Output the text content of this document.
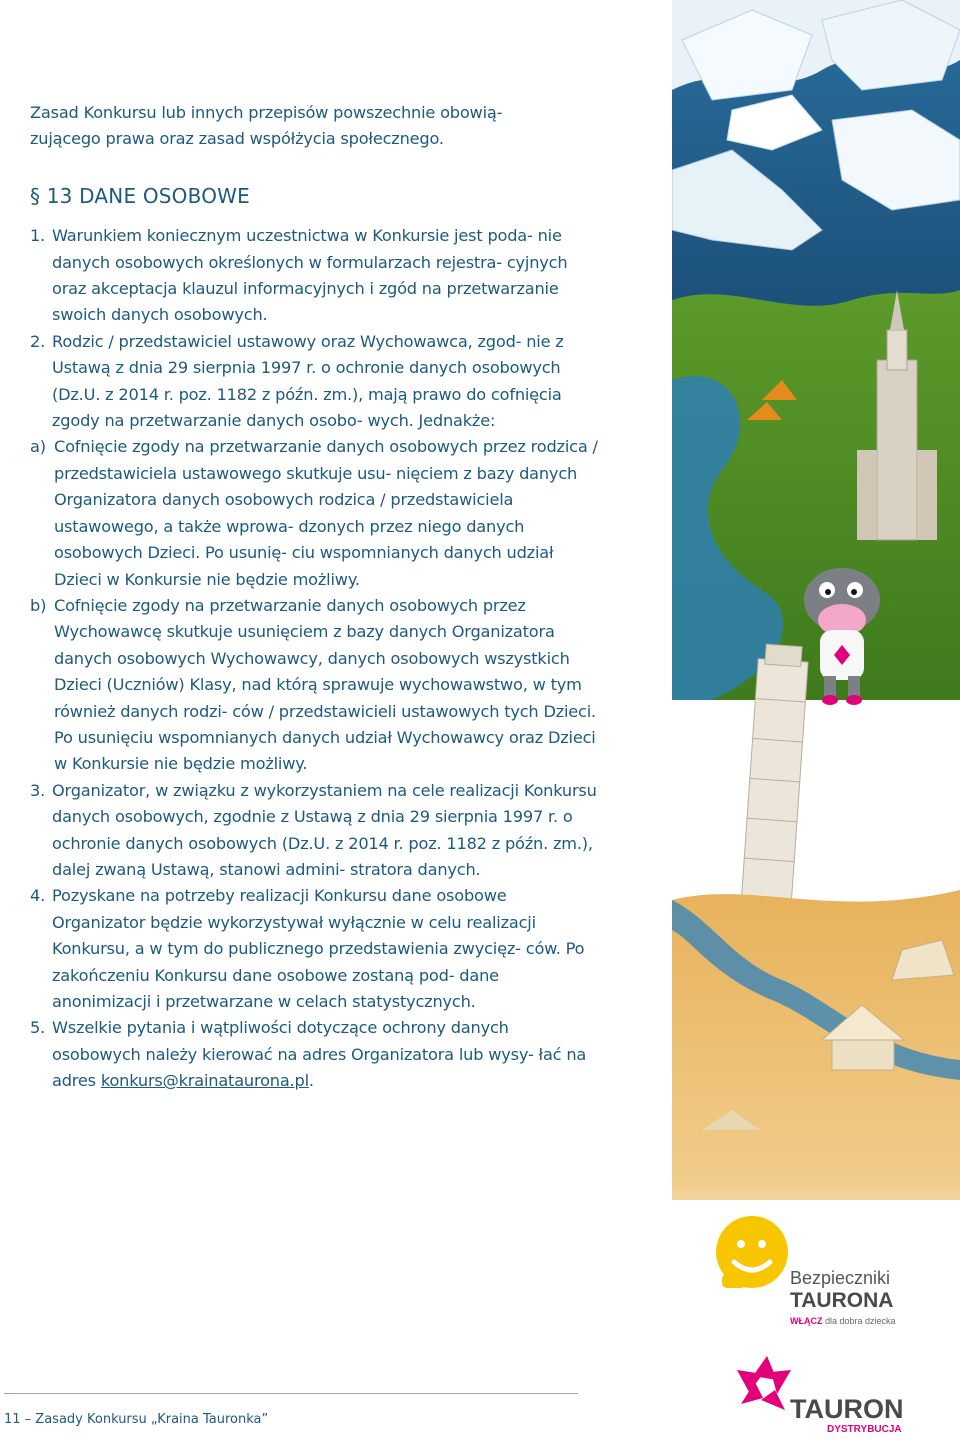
Zasad Konkursu lub innych przepisów powszechnie obowią-

zującego prawa oraz zasad współżycia społecznego.

§ 13 DANE OSOBOWE

1. Warunkiem koniecznym uczestnictwa w Konkursie jest poda- nie danych osobowych określonych w formularzach rejestra- cyjnych oraz akceptacja klauzul informacyjnych i zgód na przetwarzanie swoich danych osobowych.
2. Rodzic / przedstawiciel ustawowy oraz Wychowawca, zgod- nie z Ustawą z dnia 29 sierpnia 1997 r. o ochronie danych osobowych (Dz.U. z 2014 r. poz. 1182 z późn. zm.), mają prawo do cofnięcia zgody na przetwarzanie danych osobo- wych. Jednakże:
a) Cofnięcie zgody na przetwarzanie danych osobowych przez rodzica / przedstawiciela ustawowego skutkuje usu- nięciem z bazy danych Organizatora danych osobowych rodzica / przedstawiciela ustawowego, a także wprowa- dzonych przez niego danych osobowych Dzieci. Po usunię- ciu wspomnianych danych udział Dzieci w Konkursie nie będzie możliwy.
b) Cofnięcie zgody na przetwarzanie danych osobowych przez Wychowawcę skutkuje usunięciem z bazy danych Organizatora danych osobowych Wychowawcy, danych osobowych wszystkich Dzieci (Uczniów) Klasy, nad którą sprawuje wychowawstwo, w tym również danych rodzi- ców / przedstawicieli ustawowych tych Dzieci. Po usunięciu wspomnianych danych udział Wychowawcy oraz Dzieci w Konkursie nie będzie możliwy.
3. Organizator, w związku z wykorzystaniem na cele realizacji Konkursu danych osobowych, zgodnie z Ustawą z dnia 29 sierpnia 1997 r. o ochronie danych osobowych (Dz.U. z 2014 r. poz. 1182 z późn. zm.), dalej zwaną Ustawą, stanowi admini- stratora danych.
4. Pozyskane na potrzeby realizacji Konkursu dane osobowe Organizator będzie wykorzystywał wyłącznie w celu realizacji Konkursu, a w tym do publicznego przedstawienia zwycięz- ców. Po zakończeniu Konkursu dane osobowe zostaną pod- dane anonimizacji i przetwarzane w celach statystycznych.
5. Wszelkie pytania i wątpliwości dotyczące ochrony danych osobowych należy kierować na adres Organizatora lub wysy- łać na adres konkurs@krainataurona.pl.
Bezpieczniki
TAURONA
WŁĄCZ dla dobra dziecka
TAURON
DYSTRYBUCJA
11 – Zasady Konkursu „Kraina Tauronka”
